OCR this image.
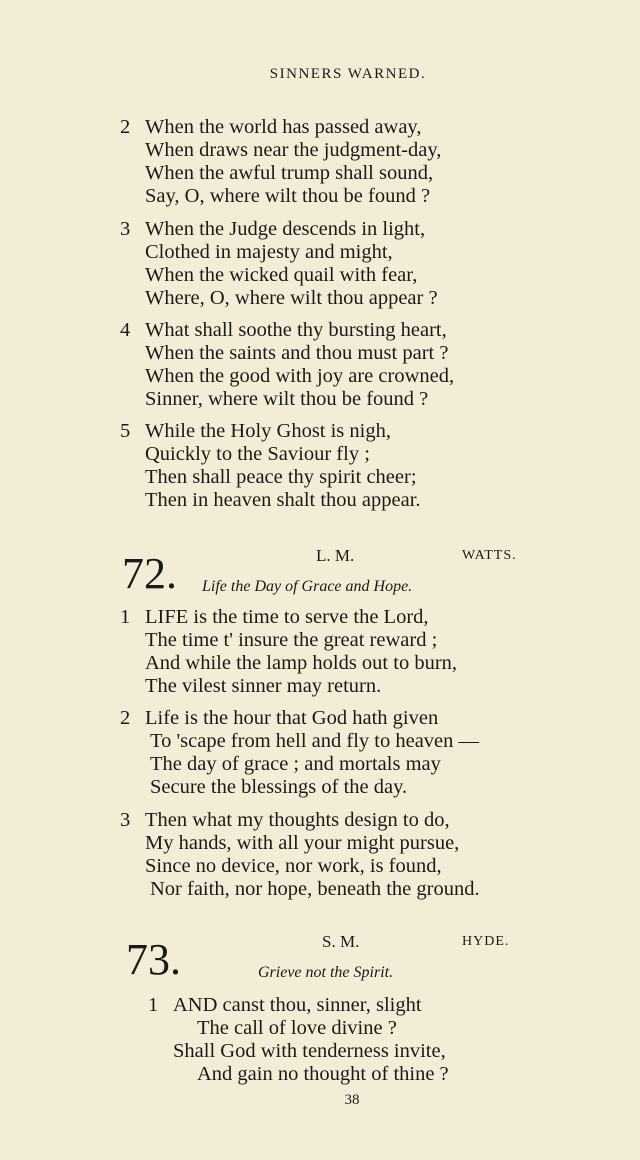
SINNERS WARNED.
2 When the world has passed away,
When draws near the judgment-day,
When the awful trump shall sound,
Say, O, where wilt thou be found ?
3 When the Judge descends in light,
Clothed in majesty and might,
When the wicked quail with fear,
Where, O, where wilt thou appear ?
4 What shall soothe thy bursting heart,
When the saints and thou must part ?
When the good with joy are crowned,
Sinner, where wilt thou be found ?
5 While the Holy Ghost is nigh,
Quickly to the Saviour fly ;
Then shall peace thy spirit cheer;
Then in heaven shalt thou appear.
72.	L. M.	WATTS.
Life the Day of Grace and Hope.
1 LIFE is the time to serve the Lord,
The time t' insure the great reward ;
And while the lamp holds out to burn,
The vilest sinner may return.
2 Life is the hour that God hath given
To 'scape from hell and fly to heaven —
The day of grace ; and mortals may
Secure the blessings of the day.
3 Then what my thoughts design to do,
My hands, with all your might pursue,
Since no device, nor work, is found,
Nor faith, nor hope, beneath the ground.
73.	S. M.	HYDE.
Grieve not the Spirit.
1 AND canst thou, sinner, slight
The call of love divine ?
Shall God with tenderness invite,
And gain no thought of thine ?
38
